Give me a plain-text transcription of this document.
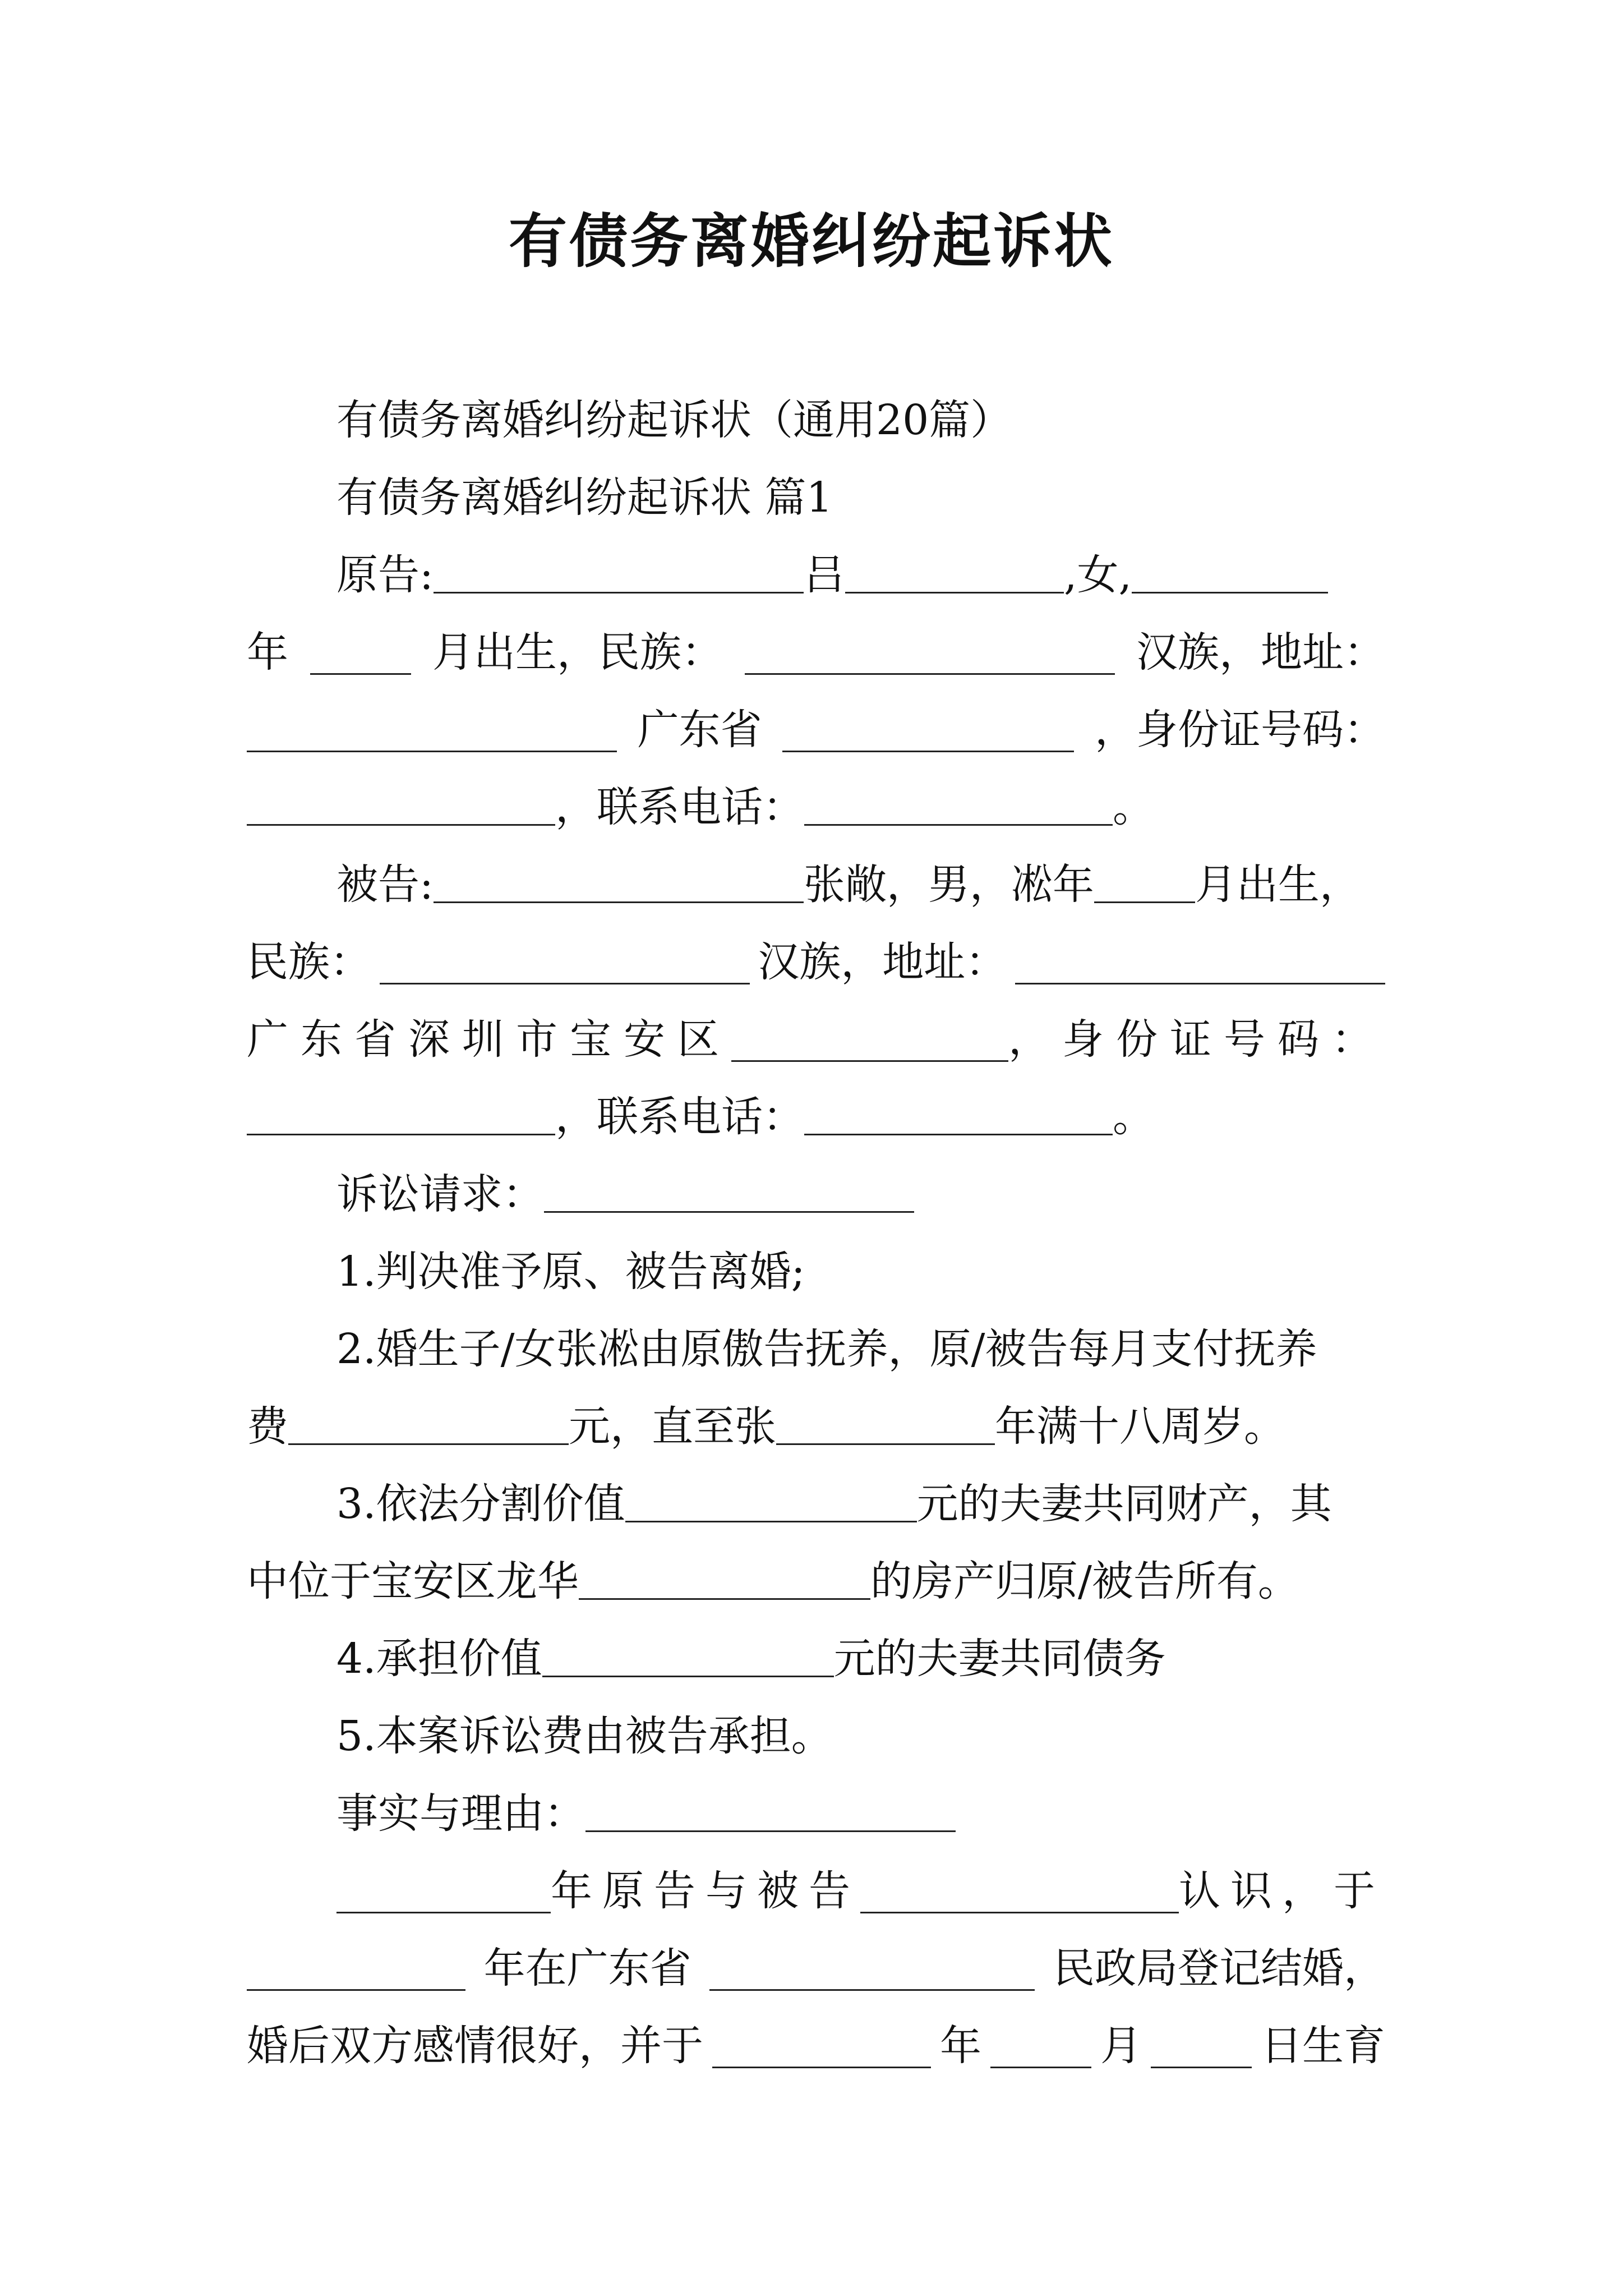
有债务离婚纠纷起诉状
有债务离婚纠纷起诉状（通用20篇）
有债务离婚纠纷起诉状 篇1
原告:	吕	,女,
年	月出生，民族：	汉族，地址：
广东省	，身份证号码：
，联系电话：	。
被告:	张敞，男，凇年 月出生，
民族：	汉族，地址：
广东省深圳市宝安区	，身份证号码：
，联系电话：	。
诉讼请求：
1.判决准予原、被告离婚;
2.婚生子/女张凇由原傲告抚养，原/被告每月支付抚养
费	元，直至张	年满十八周岁。
3.依法分割价值	元的夫妻共同财产，其
中位于宝安区龙华	的房产归原/被告所有。
4.承担价值	元的夫妻共同债务
5.本案诉讼费由被告承担。
事实与理由：
年原告与被告	认识，于
年在广东省	民政局登记结婚，
婚后双方感情很好，并于	年	月	日生育
